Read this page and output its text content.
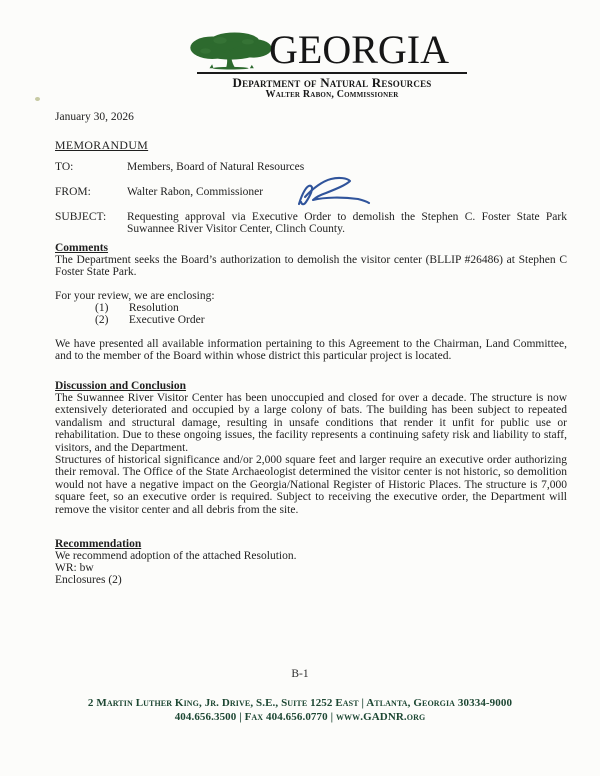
GEORGIA
Department of Natural Resources
Walter Rabon, Commissioner
January 30, 2026
MEMORANDUM
TO:	Members, Board of Natural Resources
FROM:	Walter Rabon, Commissioner
SUBJECT:	Requesting approval via Executive Order to demolish the Stephen C. Foster State Park Suwannee River Visitor Center, Clinch County.
Comments
The Department seeks the Board’s authorization to demolish the visitor center (BLLIP #26486) at Stephen C Foster State Park.
For your review, we are enclosing:
(1) Resolution
(2) Executive Order
We have presented all available information pertaining to this Agreement to the Chairman, Land Committee, and to the member of the Board within whose district this particular project is located.
Discussion and Conclusion
The Suwannee River Visitor Center has been unoccupied and closed for over a decade. The structure is now extensively deteriorated and occupied by a large colony of bats. The building has been subject to repeated vandalism and structural damage, resulting in unsafe conditions that render it unfit for public use or rehabilitation. Due to these ongoing issues, the facility represents a continuing safety risk and liability to staff, visitors, and the Department.
Structures of historical significance and/or 2,000 square feet and larger require an executive order authorizing their removal. The Office of the State Archaeologist determined the visitor center is not historic, so demolition would not have a negative impact on the Georgia/National Register of Historic Places. The structure is 7,000 square feet, so an executive order is required. Subject to receiving the executive order, the Department will remove the visitor center and all debris from the site.
Recommendation
We recommend adoption of the attached Resolution.
WR: bw
Enclosures (2)
B-1
2 Martin Luther King, Jr. Drive, S.E., Suite 1252 East | Atlanta, Georgia 30334-9000
404.656.3500 | Fax 404.656.0770 | www.GADNR.org
